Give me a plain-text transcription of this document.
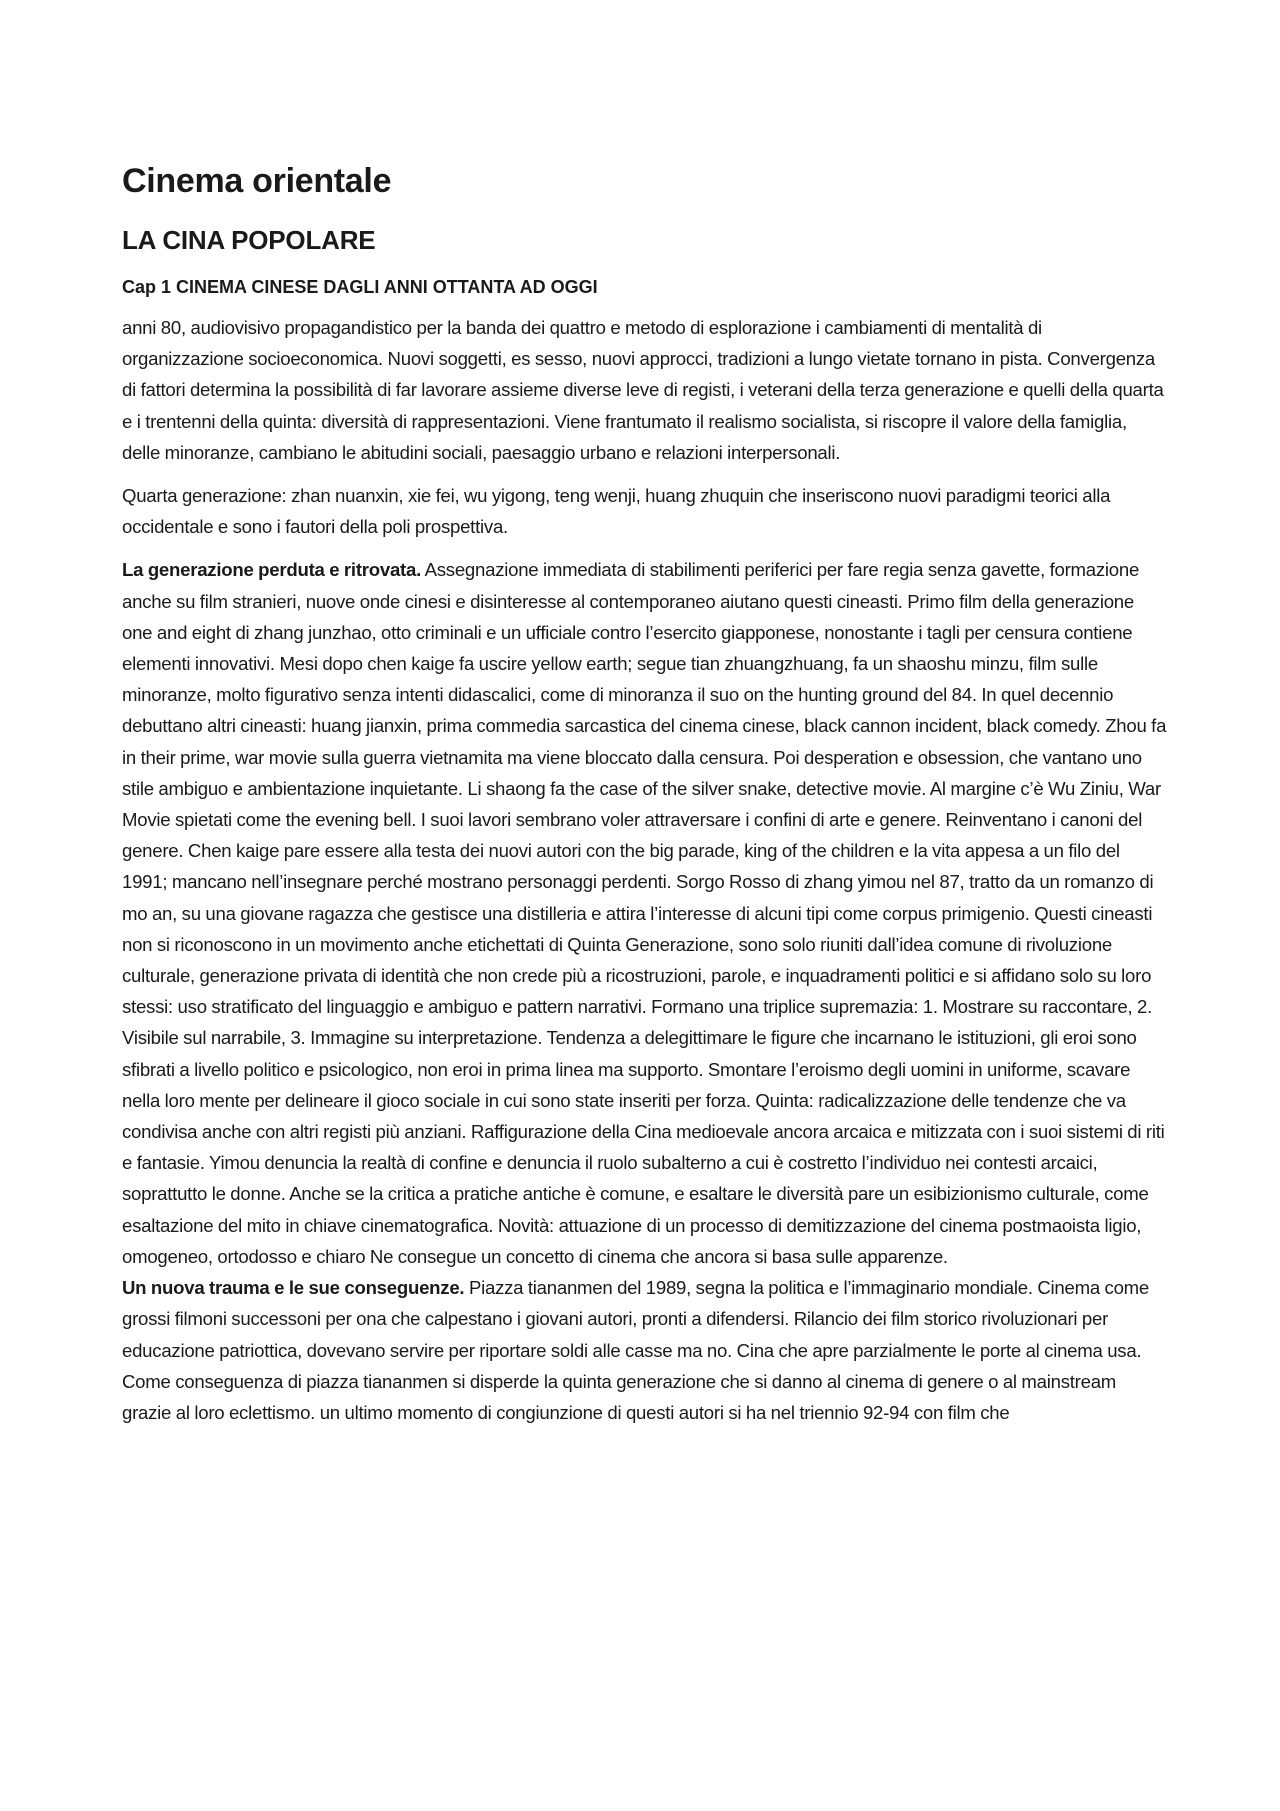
Cinema orientale
LA CINA POPOLARE
Cap 1 CINEMA CINESE DAGLI ANNI OTTANTA AD OGGI

anni 80, audiovisivo propagandistico per la banda dei quattro e metodo di esplorazione i cambiamenti di mentalità di organizzazione socioeconomica. Nuovi soggetti, es sesso, nuovi approcci, tradizioni a lungo vietate tornano in pista. Convergenza di fattori determina la possibilità di far lavorare assieme diverse leve di registi, i veterani della terza generazione e quelli della quarta e i trentenni della quinta: diversità di rappresentazioni. Viene frantumato il realismo socialista, si riscopre il valore della famiglia, delle minoranze, cambiano le abitudini sociali, paesaggio urbano e relazioni interpersonali.

Quarta generazione: zhan nuanxin, xie fei, wu yigong, teng wenji, huang zhuquin che inseriscono nuovi paradigmi teorici alla occidentale e sono i fautori della poli prospettiva.

La generazione perduta e ritrovata. Assegnazione immediata di stabilimenti periferici per fare regia senza gavette, formazione anche su film stranieri, nuove onde cinesi e disinteresse al contemporaneo aiutano questi cineasti. Primo film della generazione one and eight di zhang junzhao, otto criminali e un ufficiale contro l’esercito giapponese, nonostante i tagli per censura contiene elementi innovativi. Mesi dopo chen kaige fa uscire yellow earth; segue tian zhuangzhuang, fa un shaoshu minzu, film sulle minoranze, molto figurativo senza intenti didascalici, come di minoranza il suo on the hunting ground del 84. In quel decennio debuttano altri cineasti: huang jianxin, prima commedia sarcastica del cinema cinese, black cannon incident, black comedy. Zhou fa in their prime, war movie sulla guerra vietnamita ma viene bloccato dalla censura. Poi desperation e obsession, che vantano uno stile ambiguo e ambientazione inquietante. Li shaong fa the case of the silver snake, detective movie. Al margine c’è Wu Ziniu, War Movie spietati come the evening bell. I suoi lavori sembrano voler attraversare i confini di arte e genere. Reinventano i canoni del genere. Chen kaige pare essere alla testa dei nuovi autori con the big parade, king of the children e la vita appesa a un filo del 1991; mancano nell’insegnare perché mostrano personaggi perdenti. Sorgo Rosso di zhang yimou nel 87, tratto da un romanzo di mo an, su una giovane ragazza che gestisce una distilleria e attira l’interesse di alcuni tipi come corpus primigenio. Questi cineasti non si riconoscono in un movimento anche etichettati di Quinta Generazione, sono solo riuniti dall’idea comune di rivoluzione culturale, generazione privata di identità che non crede più a ricostruzioni, parole, e inquadramenti politici e si affidano solo su loro stessi: uso stratificato del linguaggio e ambiguo e pattern narrativi. Formano una triplice supremazia: 1. Mostrare su raccontare, 2. Visibile sul narrabile, 3. Immagine su interpretazione. Tendenza a delegittimare le figure che incarnano le istituzioni, gli eroi sono sfibrati a livello politico e psicologico, non eroi in prima linea ma supporto. Smontare l’eroismo degli uomini in uniforme, scavare nella loro mente per delineare il gioco sociale in cui sono state inseriti per forza. Quinta: radicalizzazione delle tendenze che va condivisa anche con altri registi più anziani. Raffigurazione della Cina medioevale ancora arcaica e mitizzata con i suoi sistemi di riti e fantasie. Yimou denuncia la realtà di confine e denuncia il ruolo subalterno a cui è costretto l’individuo nei contesti arcaici, soprattutto le donne. Anche se la critica a pratiche antiche è comune, e esaltare le diversità pare un esibizionismo culturale, come esaltazione del mito in chiave cinematografica. Novità: attuazione di un processo di demitizzazione del cinema postmaoista ligio, omogeneo, ortodosso e chiaro Ne consegue un concetto di cinema che ancora si basa sulle apparenze.
Un nuova trauma e le sue conseguenze. Piazza tiananmen del 1989, segna la politica e l’immaginario mondiale. Cinema come grossi filmoni successoni per ona che calpestano i giovani autori, pronti a difendersi. Rilancio dei film storico rivoluzionari per educazione patriottica, dovevano servire per riportare soldi alle casse ma no. Cina che apre parzialmente le porte al cinema usa. Come conseguenza di piazza tiananmen si disperde la quinta generazione che si danno al cinema di genere o al mainstream grazie al loro eclettismo. un ultimo momento di congiunzione di questi autori si ha nel triennio 92-94 con film che
